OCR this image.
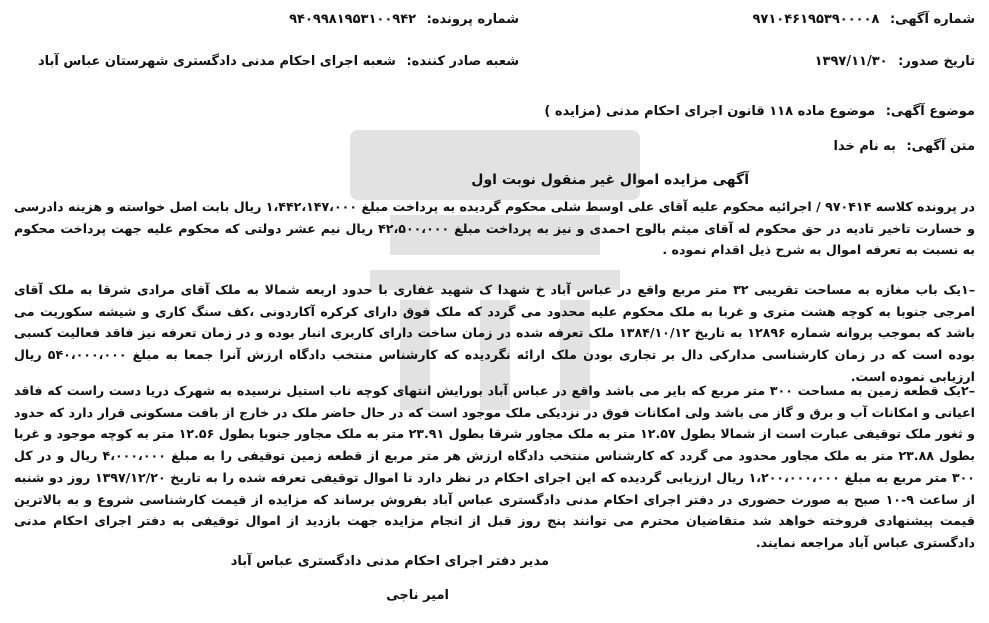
شماره آگهی: ۹۷۱۰۴۶۱۹۵۳۹۰۰۰۰۸
شماره پرونده: ۹۴۰۹۹۸۱۹۵۳۱۰۰۹۴۲
تاریخ صدور: ۱۳۹۷/۱۱/۳۰
شعبه صادر کننده: شعبه اجرای احکام مدنی دادگستری شهرستان عباس آباد
موضوع آگهی: موضوع ماده ۱۱۸ قانون اجرای احکام مدنی (مزایده )
متن آگهی: به نام خدا
آگهی مزایده اموال غیر منقول نوبت اول
در پرونده کلاسه ۹۷۰۴۱۴ / اجرائیه محکوم علیه آقای علی اوسط شلی محکوم گردیده به پرداخت مبلغ ۱،۴۴۲،۱۴۷،۰۰۰ ریال بابت اصل خواسته و هزینه دادرسی و خسارت تاخیر تادیه در حق محکوم له آقای میثم بالوج احمدی و نیز به پرداخت مبلغ ۴۲،۵۰۰،۰۰۰ ریال نیم عشر دولتی که محکوم علیه جهت پرداخت محکوم به نسبت به تعرفه اموال به شرح ذیل اقدام نموده .
–۱یک باب مغازه به مساحت تقریبی ۳۲ متر مربع واقع در عباس آباد خ شهدا ک شهید غفاری با حدود اربعه شمالا به ملک آقای مرادی شرقا به ملک آقای امرجی جنوبا به کوچه هشت متری و غربا به ملک محکوم علیه محدود می گردد که ملک فوق دارای کرکره آکاردونی ،کف سنگ کاری و شیشه سکوریت می باشد که بموجب پروانه شماره ۱۲۸۹۶ به تاریخ ۱۳۸۴/۱۰/۱۲ ملک تعرفه شده در زمان ساخت دارای کاربری انبار بوده و در زمان تعرفه نیز فاقد فعالیت کسبی بوده است که در زمان کارشناسی مدارکی دال بر تجاری بودن ملک ارائه نگردیده که کارشناس منتخب دادگاه ارزش آنرا جمعا به مبلغ ۵۴۰،۰۰۰،۰۰۰ ریال ارزیابی نموده است.
–۲یک قطعه زمین به مساحت ۳۰۰ متر مربع که بایر می باشد واقع در عباس آباد بورایش انتهای کوچه ناب استیل نرسیده به شهرک دریا دست راست که فاقد اعیانی و امکانات آب و برق و گاز می باشد ولی امکانات فوق در نزدیکی ملک موجود است که در حال حاضر ملک در خارج از بافت مسکونی قرار دارد که حدود و ثغور ملک توقیفی عبارت است از شمالا بطول ۱۲.۵۷ متر به ملک مجاور شرقا بطول ۲۳.۹۱ متر به ملک مجاور جنوبا بطول ۱۲.۵۶ متر به کوچه موجود و غربا بطول ۲۳.۸۸ متر به ملک مجاور محدود می گردد که کارشناس منتخب دادگاه ارزش هر متر مربع از قطعه زمین توقیفی را به مبلغ ۴،۰۰۰،۰۰۰ ریال و در کل ۳۰۰ متر مربع به مبلغ ۱،۲۰۰،۰۰۰،۰۰۰ ریال ارزیابی گردیده که این اجرای احکام در نظر دارد تا اموال توقیفی تعرفه شده را به تاریخ ۱۳۹۷/۱۲/۲۰ روز دو شنبه از ساعت ۹-۱۰ صبح به صورت حضوری در دفتر اجرای احکام مدنی دادگستری عباس آباد بفروش برساند که مزایده از قیمت کارشناسی شروع و به بالاترین قیمت پیشنهادی فروخته خواهد شد متقاضیان محترم می توانند پنج روز قبل از انجام مزایده جهت بازدید از اموال توقیفی به دفتر اجرای احکام مدنی دادگستری عباس آباد مراجعه نمایند.
مدیر دفتر اجرای احکام مدنی دادگستری عباس آباد
امیر ناجی
